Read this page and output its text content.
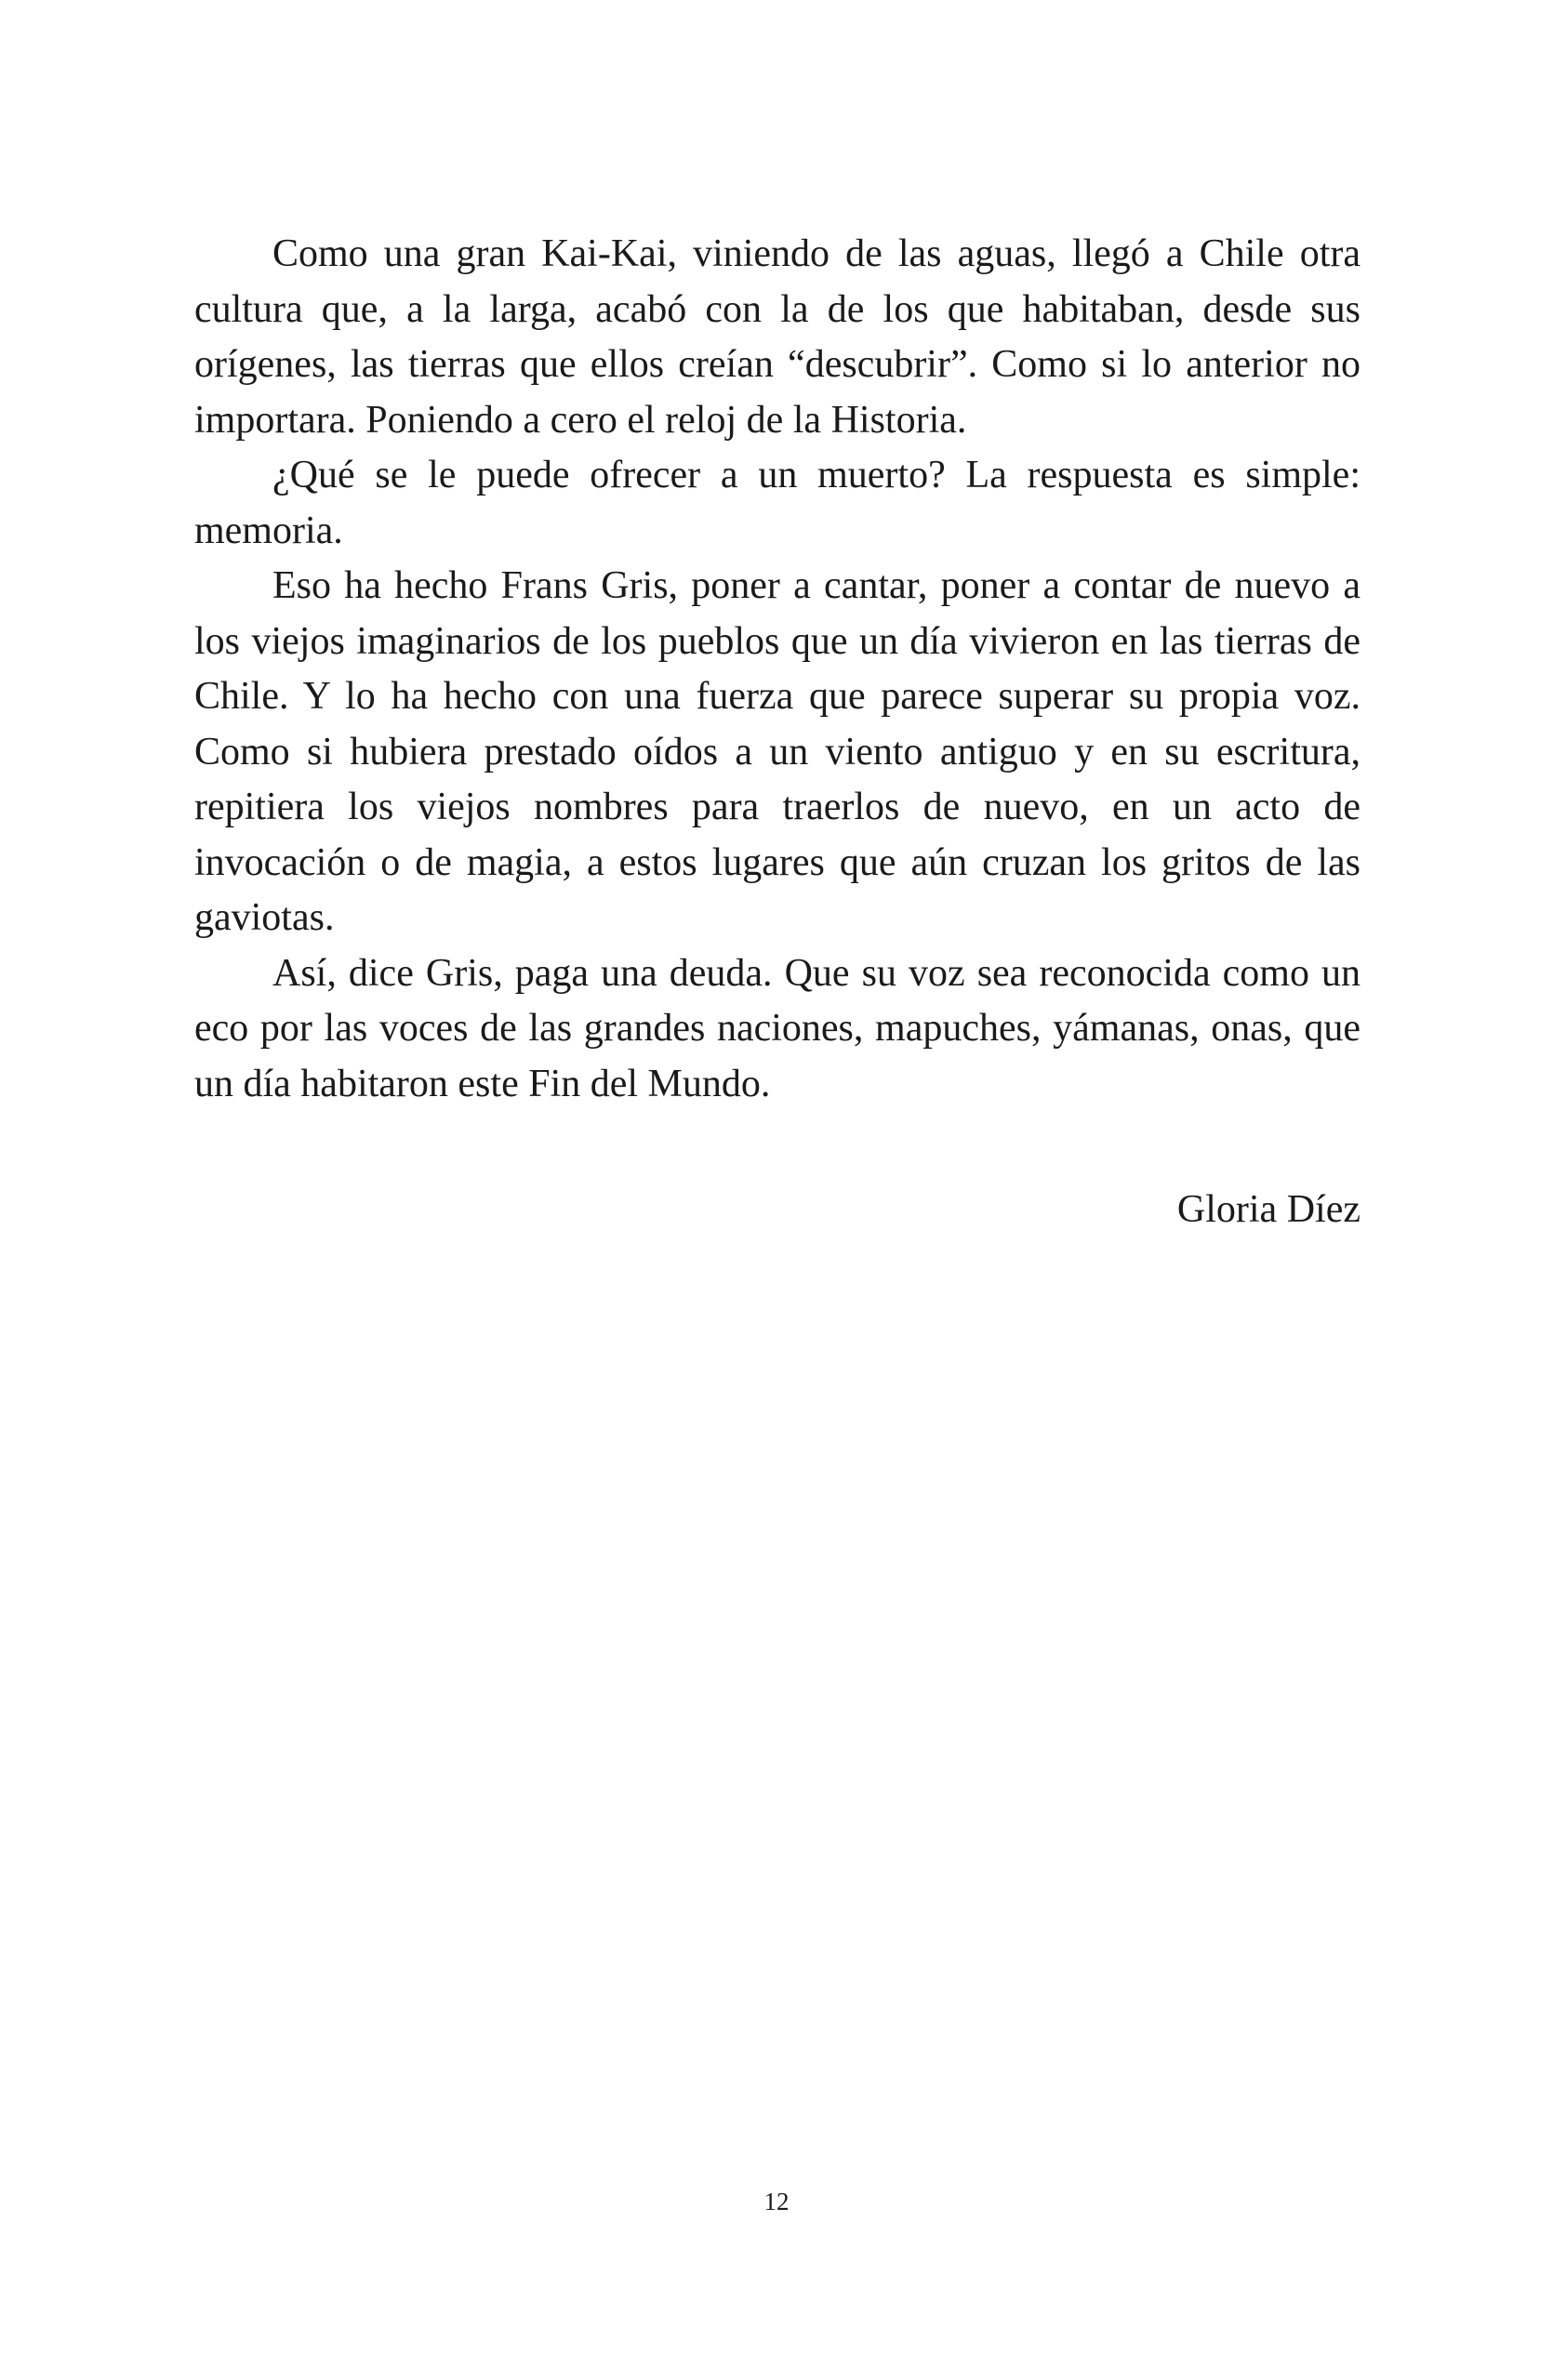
Como una gran Kai-Kai, viniendo de las aguas, llegó a Chile otra cultura que, a la larga, acabó con la de los que habitaban, desde sus orígenes, las tierras que ellos creían “descubrir”. Como si lo anterior no importara. Poniendo a cero el reloj de la Historia.

¿Qué se le puede ofrecer a un muerto? La respuesta es simple: memoria.

Eso ha hecho Frans Gris, poner a cantar, poner a contar de nuevo a los viejos imaginarios de los pueblos que un día vivieron en las tierras de Chile. Y lo ha hecho con una fuerza que parece superar su propia voz. Como si hubiera prestado oídos a un viento antiguo y en su escritura, repitiera los viejos nombres para traerlos de nuevo, en un acto de invocación o de magia, a estos lugares que aún cruzan los gritos de las gaviotas.

Así, dice Gris, paga una deuda. Que su voz sea reconocida como un eco por las voces de las grandes naciones, mapuches, yámanas, onas, que un día habitaron este Fin del Mundo.

Gloria Díez
12
